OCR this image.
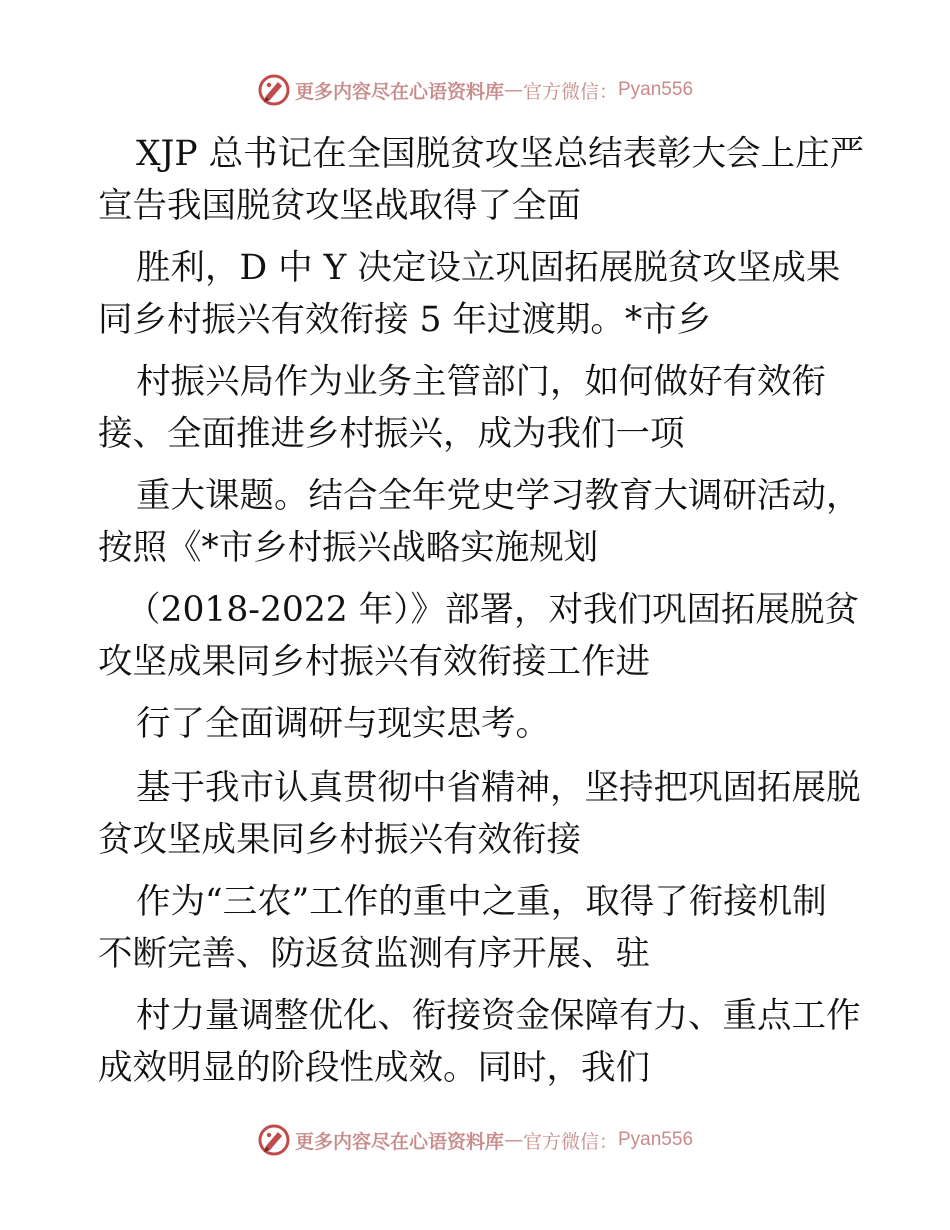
更多内容尽在心语资料库 — 官方微信： Pyan556
XJP 总书记在全国脱贫攻坚总结表彰大会上庄严
宣告我国脱贫攻坚战取得了全面
胜利，D 中 Y 决定设立巩固拓展脱贫攻坚成果
同乡村振兴有效衔接 5 年过渡期。*市乡
村振兴局作为业务主管部门，如何做好有效衔
接、全面推进乡村振兴，成为我们一项
重大课题。结合全年党史学习教育大调研活动，
按照《*市乡村振兴战略实施规划
（2018-2022 年）》部署，对我们巩固拓展脱贫
攻坚成果同乡村振兴有效衔接工作进
行了全面调研与现实思考。
基于我市认真贯彻中省精神，坚持把巩固拓展脱
贫攻坚成果同乡村振兴有效衔接
作为“三农”工作的重中之重，取得了衔接机制
不断完善、防返贫监测有序开展、驻
村力量调整优化、衔接资金保障有力、重点工作
成效明显的阶段性成效。同时，我们
更多内容尽在心语资料库 — 官方微信： Pyan556
